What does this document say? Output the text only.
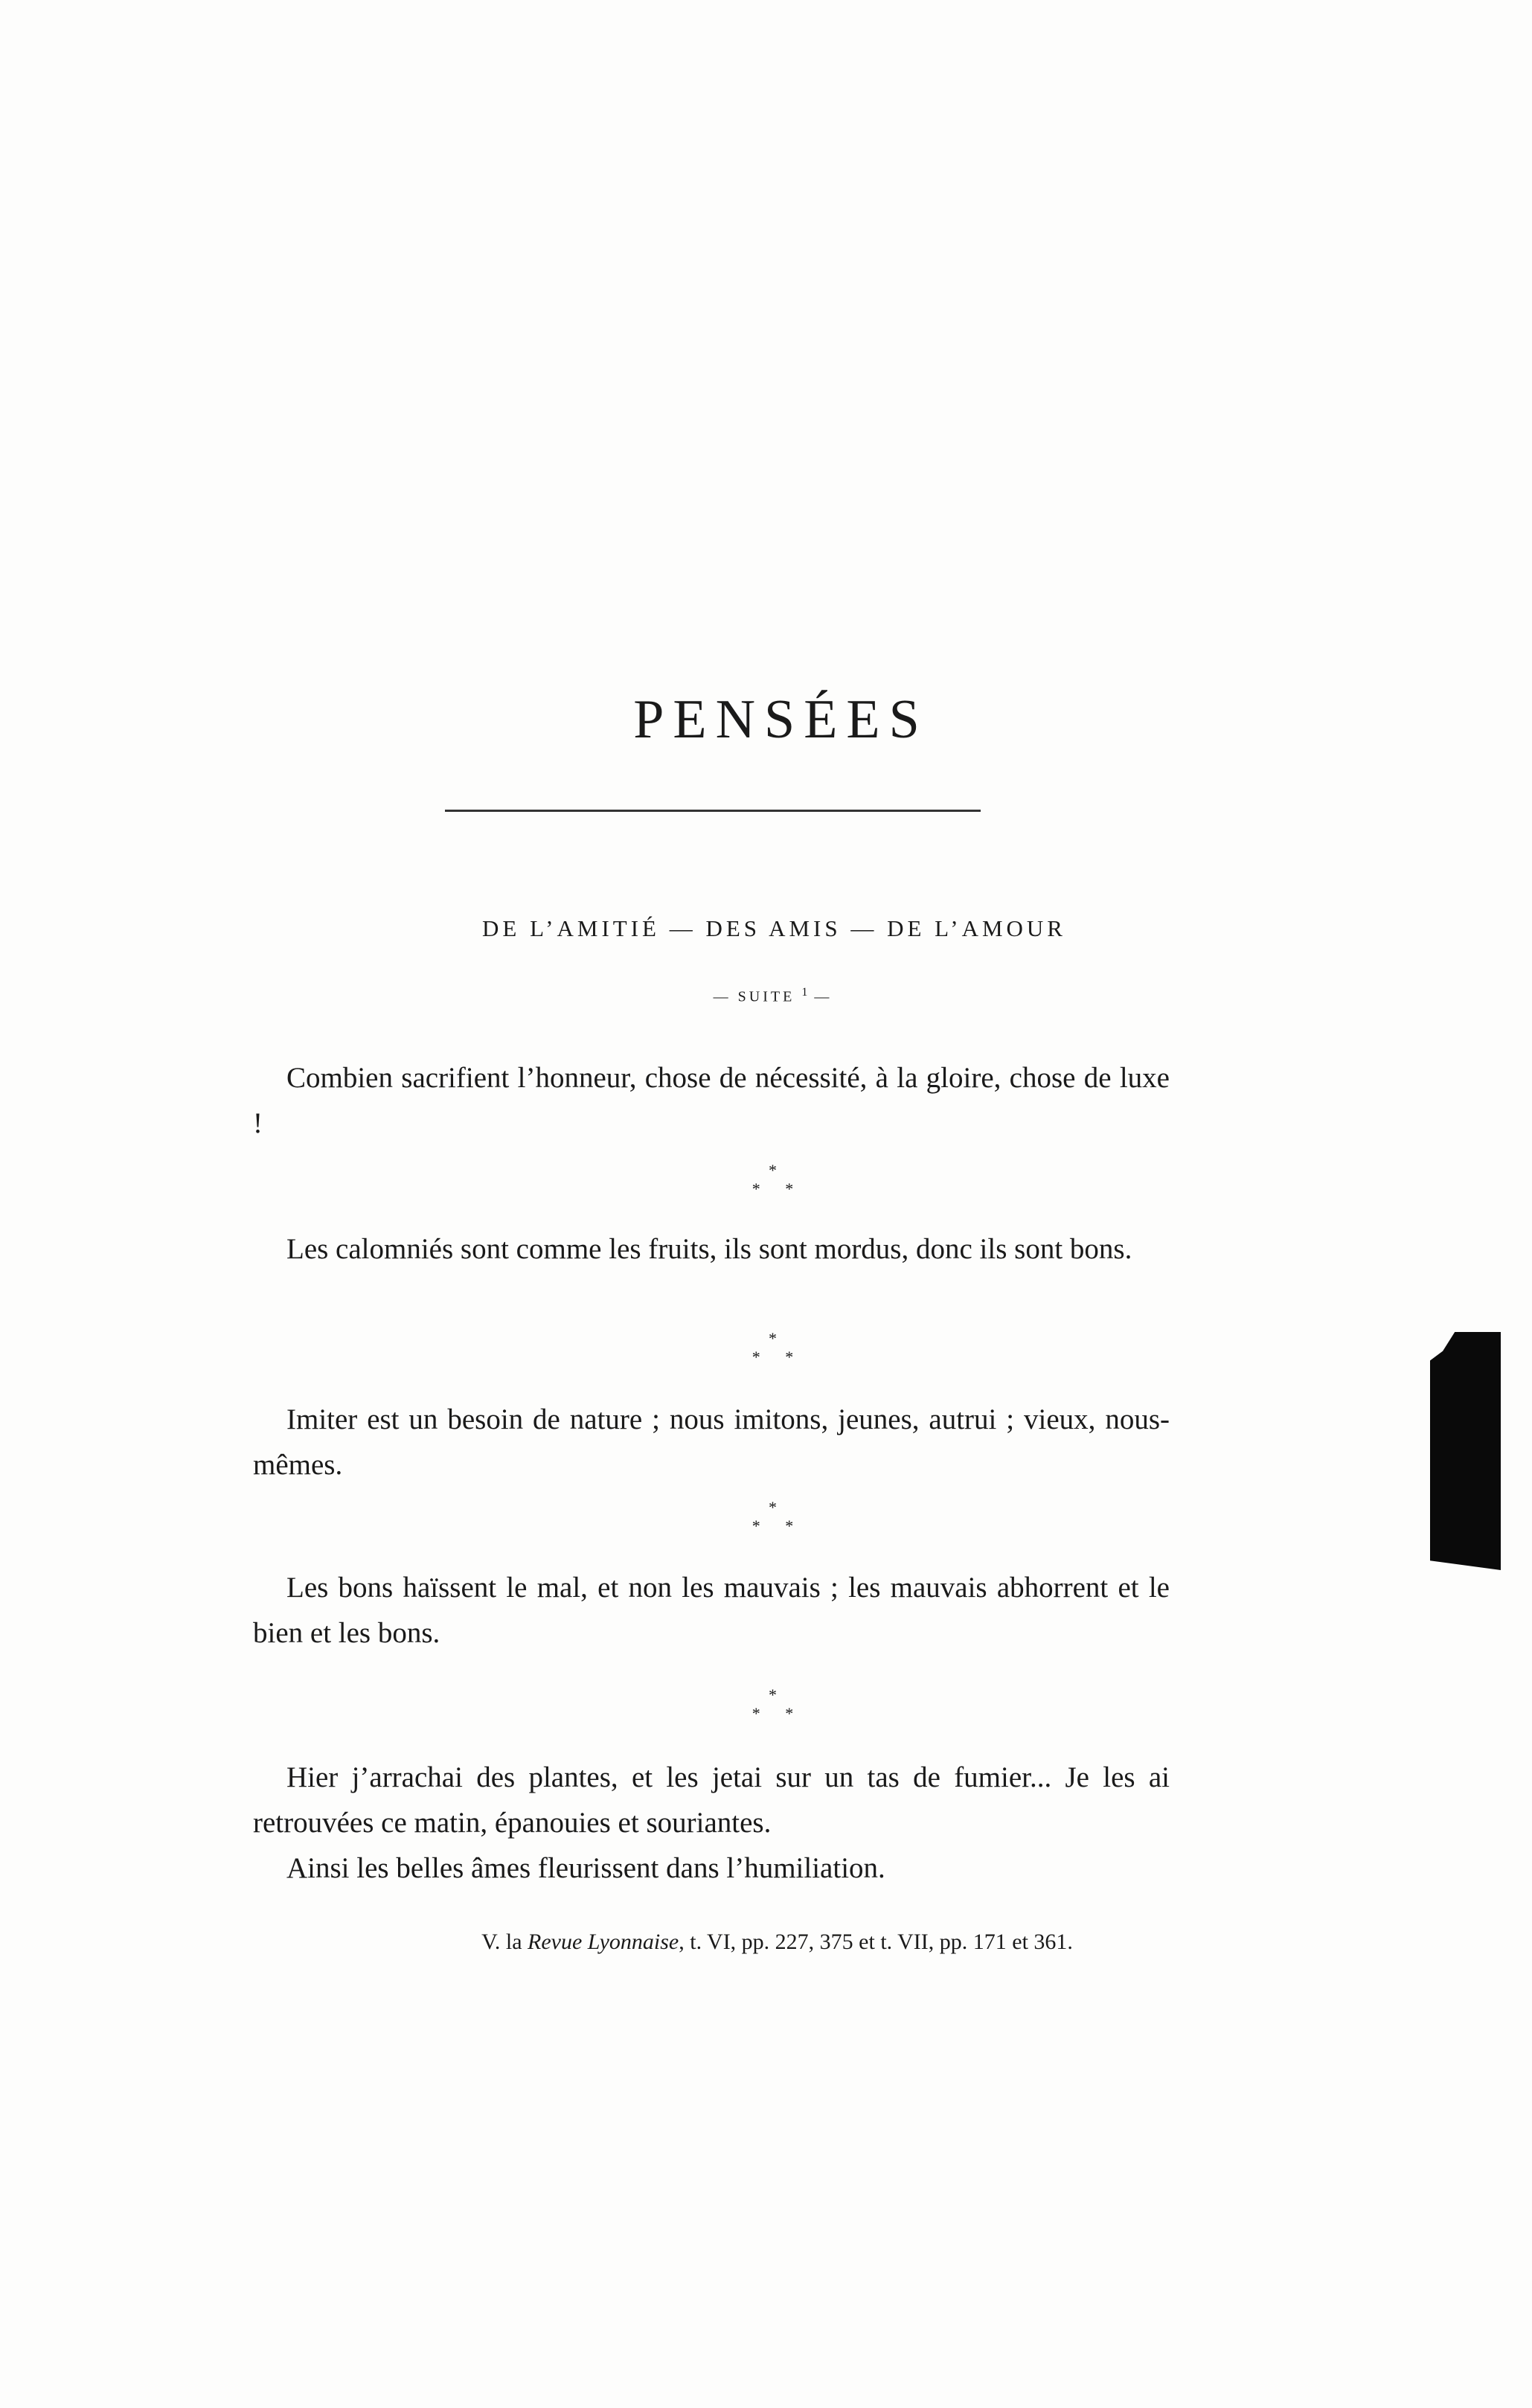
PENSÉES
DE L’AMITIÉ — DES AMIS — DE L’AMOUR
— SUITE $^1$ —

Combien sacrifient l’honneur, chose de nécessité, à la gloire, chose de luxe !

*
* *

Les calomniés sont comme les fruits, ils sont mordus, donc ils sont bons.

*
* *

Imiter est un besoin de nature ; nous imitons, jeunes, autrui ; vieux, nous-mêmes.

*
* *

Les bons haïssent le mal, et non les mauvais ; les mauvais abhorrent et le bien et les bons.

*
* *

Hier j’arrachai des plantes, et les jetai sur un tas de fumier... Je les ai retrouvées ce matin, épanouies et souriantes.

Ainsi les belles âmes fleurissent dans l’humiliation.

V. la Revue Lyonnaise, t. VI, pp. 227, 375 et t. VII, pp. 171 et 361.
